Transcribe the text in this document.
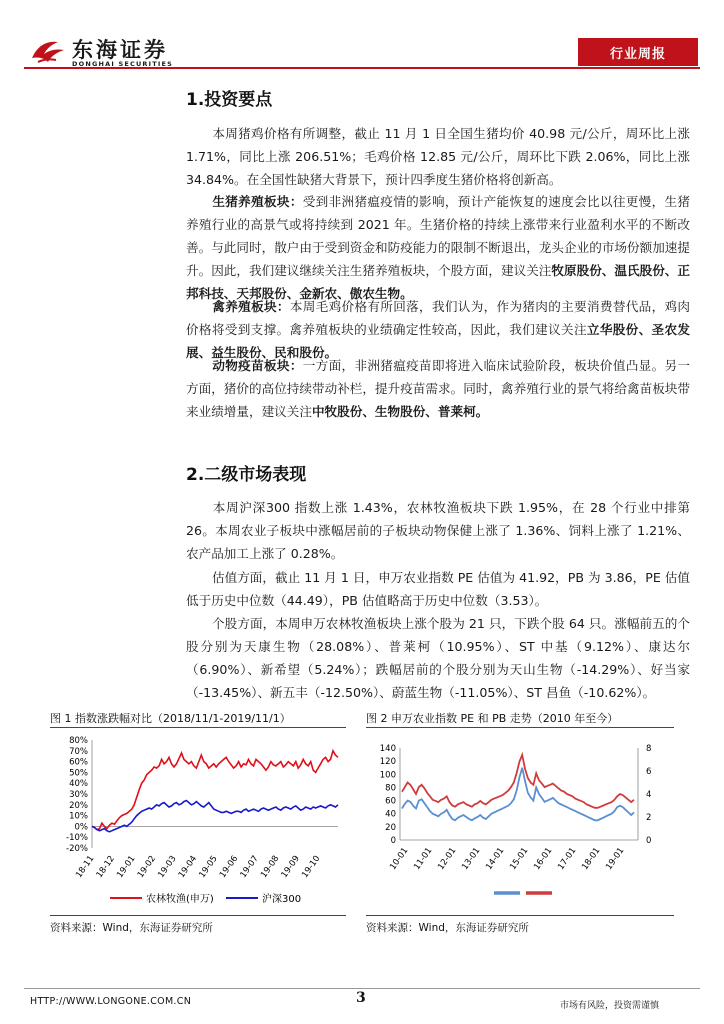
东海证券
DONGHAI SECURITIES
行业周报
1.投资要点
本周猪鸡价格有所调整，截止 11 月 1 日全国生猪均价 40.98 元/公斤，周环比上涨 1.71%，同比上涨 206.51%；毛鸡价格 12.85 元/公斤，周环比下跌 2.06%，同比上涨 34.84%。在全国性缺猪大背景下，预计四季度生猪价格将创新高。
生猪养殖板块：受到非洲猪瘟疫情的影响，预计产能恢复的速度会比以往更慢，生猪养殖行业的高景气或将持续到 2021 年。生猪价格的持续上涨带来行业盈利水平的不断改善。与此同时，散户由于受到资金和防疫能力的限制不断退出，龙头企业的市场份额加速提升。因此，我们建议继续关注生猪养殖板块，个股方面，建议关注牧原股份、温氏股份、正邦科技、天邦股份、金新农、傲农生物。
禽养殖板块：本周毛鸡价格有所回落，我们认为，作为猪肉的主要消费替代品，鸡肉价格将受到支撑。禽养殖板块的业绩确定性较高，因此，我们建议关注立华股份、圣农发展、益生股份、民和股份。
动物疫苗板块：一方面，非洲猪瘟疫苗即将进入临床试验阶段，板块价值凸显。另一方面，猪价的高位持续带动补栏，提升疫苗需求。同时，禽养殖行业的景气将给禽苗板块带来业绩增量，建议关注中牧股份、生物股份、普莱柯。
2.二级市场表现
本周沪深300 指数上涨 1.43%，农林牧渔板块下跌 1.95%，在 28 个行业中排第 26。本周农业子板块中涨幅居前的子板块动物保健上涨了 1.36%、饲料上涨了 1.21%、农产品加工上涨了 0.28%。
估值方面，截止 11 月 1 日，申万农业指数 PE 估值为 41.92，PB 为 3.86，PE 估值低于历史中位数（44.49），PB 估值略高于历史中位数（3.53）。
个股方面，本周申万农林牧渔板块上涨个股为 21 只，下跌个股 64 只。涨幅前五的个股分别为天康生物（28.08%）、普莱柯（10.95%）、ST 中基（9.12%）、康达尔（6.90%）、新希望（5.24%）；跌幅居前的个股分别为天山生物（-14.29%）、好当家（-13.45%）、新五丰（-12.50%）、蔚蓝生物（-11.05%）、ST 昌鱼（-10.62%）。
图 1 指数涨跌幅对比（2018/11/1-2019/11/1）
80%
70%
60%
50%
40%
30%
20%
10%
0%
-10%
-20%
18-11
18-12
19-01
19-02
19-03
19-04
19-05
19-06
19-07
19-08
19-09
19-10
农林牧渔(申万)	沪深300
资料来源：Wind，东海证券研究所
图 2 申万农业指数 PE 和 PB 走势（2010 年至今）
140
120
100
80
60
40
20
0
8
6
4
2
0
10-01 11-01 12-01 13-01 14-01 15-01 16-01 17-01 18-01 19-01
资料来源：Wind，东海证券研究所
HTTP://WWW.LONGONE.COM.CN	3	市场有风险，投资需谨慎
